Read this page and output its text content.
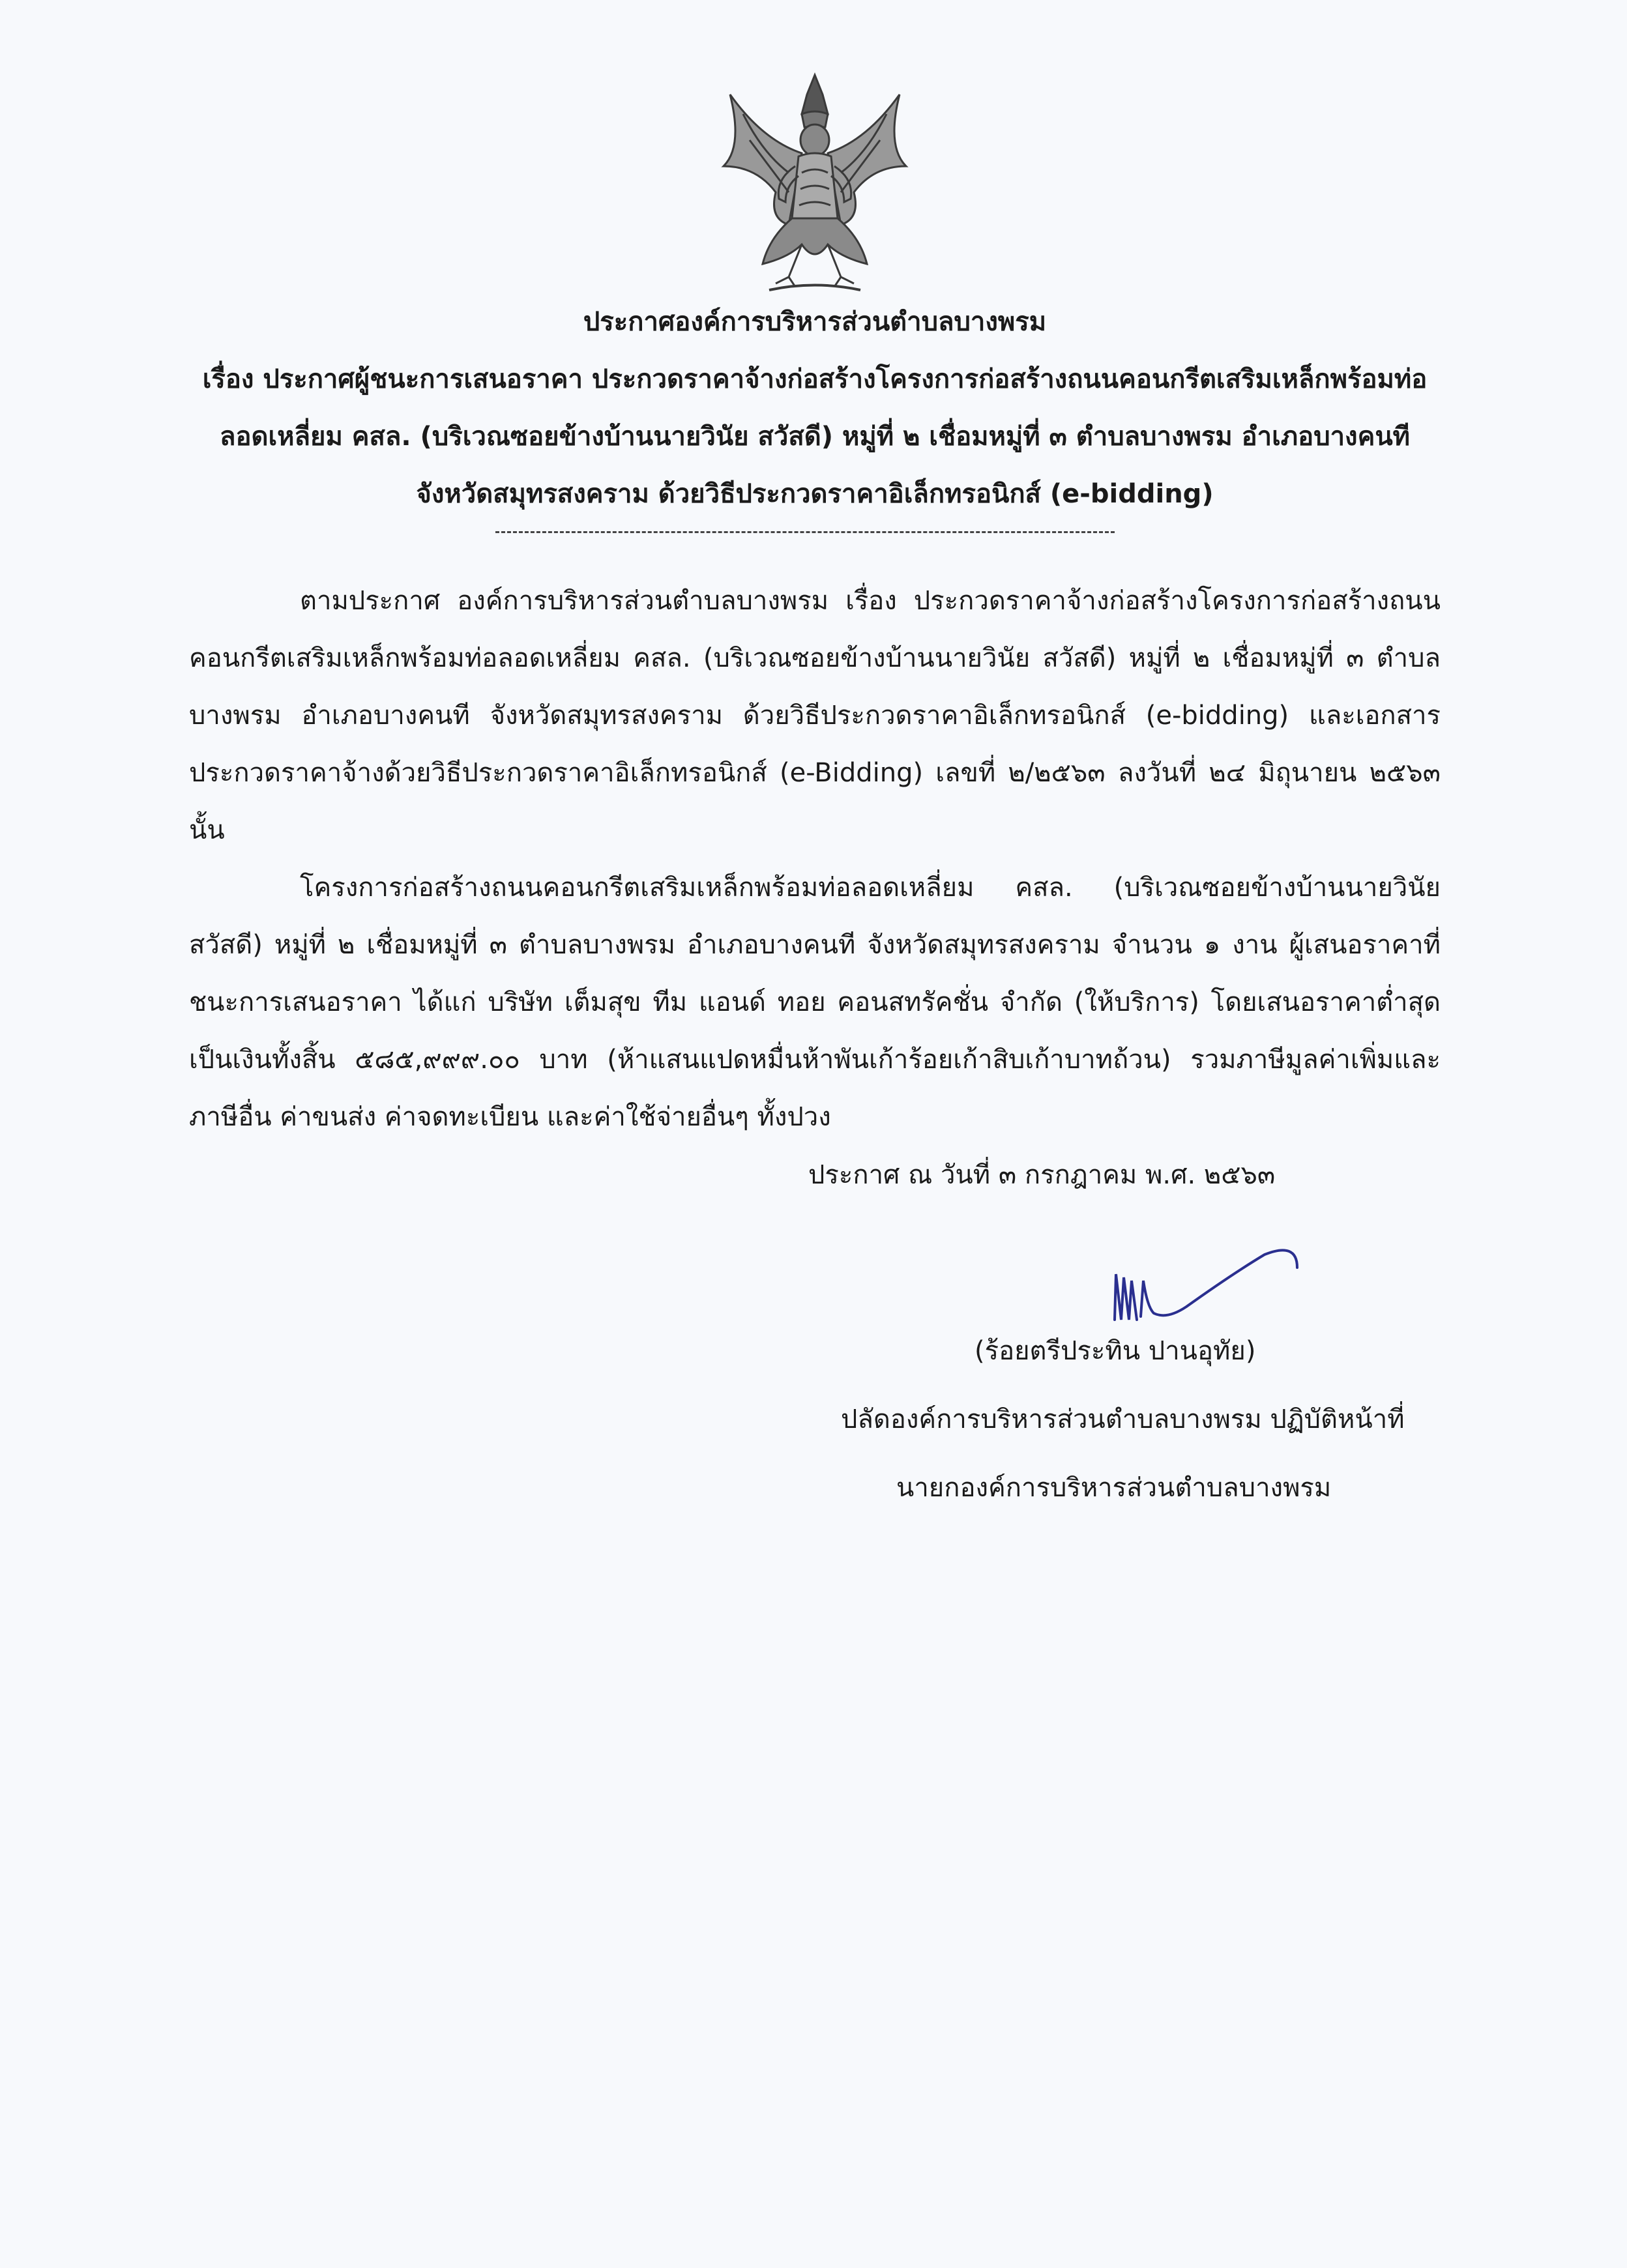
ประกาศองค์การบริหารส่วนตำบลบางพรม
เรื่อง ประกาศผู้ชนะการเสนอราคา ประกวดราคาจ้างก่อสร้างโครงการก่อสร้างถนนคอนกรีตเสริมเหล็กพร้อมท่อ
ลอดเหลี่ยม คสล. (บริเวณซอยข้างบ้านนายวินัย สวัสดี) หมู่ที่ ๒ เชื่อมหมู่ที่ ๓ ตำบลบางพรม อำเภอบางคนที
จังหวัดสมุทรสงคราม ด้วยวิธีประกวดราคาอิเล็กทรอนิกส์ (e-bidding)

ตามประกาศ องค์การบริหารส่วนตำบลบางพรม เรื่อง ประกวดราคาจ้างก่อสร้างโครงการก่อสร้างถนนคอนกรีตเสริมเหล็กพร้อมท่อลอดเหลี่ยม คสล. (บริเวณซอยข้างบ้านนายวินัย สวัสดี) หมู่ที่ ๒ เชื่อมหมู่ที่ ๓ ตำบลบางพรม อำเภอบางคนที จังหวัดสมุทรสงคราม ด้วยวิธีประกวดราคาอิเล็กทรอนิกส์ (e-bidding) และเอกสารประกวดราคาจ้างด้วยวิธีประกวดราคาอิเล็กทรอนิกส์ (e-Bidding) เลขที่ ๒/๒๕๖๓ ลงวันที่ ๒๔ มิถุนายน ๒๕๖๓ นั้น

โครงการก่อสร้างถนนคอนกรีตเสริมเหล็กพร้อมท่อลอดเหลี่ยม คสล. (บริเวณซอยข้างบ้านนายวินัย สวัสดี) หมู่ที่ ๒ เชื่อมหมู่ที่ ๓ ตำบลบางพรม อำเภอบางคนที จังหวัดสมุทรสงคราม จำนวน ๑ งาน ผู้เสนอราคาที่ชนะการเสนอราคา ได้แก่ บริษัท เต็มสุข ทีม แอนด์ ทอย คอนสทรัคชั่น จำกัด (ให้บริการ) โดยเสนอราคาต่ำสุด เป็นเงินทั้งสิ้น ๕๘๕,๙๙๙.๐๐ บาท (ห้าแสนแปดหมื่นห้าพันเก้าร้อยเก้าสิบเก้าบาทถ้วน) รวมภาษีมูลค่าเพิ่มและภาษีอื่น ค่าขนส่ง ค่าจดทะเบียน และค่าใช้จ่ายอื่นๆ ทั้งปวง

ประกาศ ณ วันที่ ๓ กรกฎาคม พ.ศ. ๒๕๖๓
(ร้อยตรีประทิน ปานอุทัย)
ปลัดองค์การบริหารส่วนตำบลบางพรม ปฏิบัติหน้าที่
นายกองค์การบริหารส่วนตำบลบางพรม
